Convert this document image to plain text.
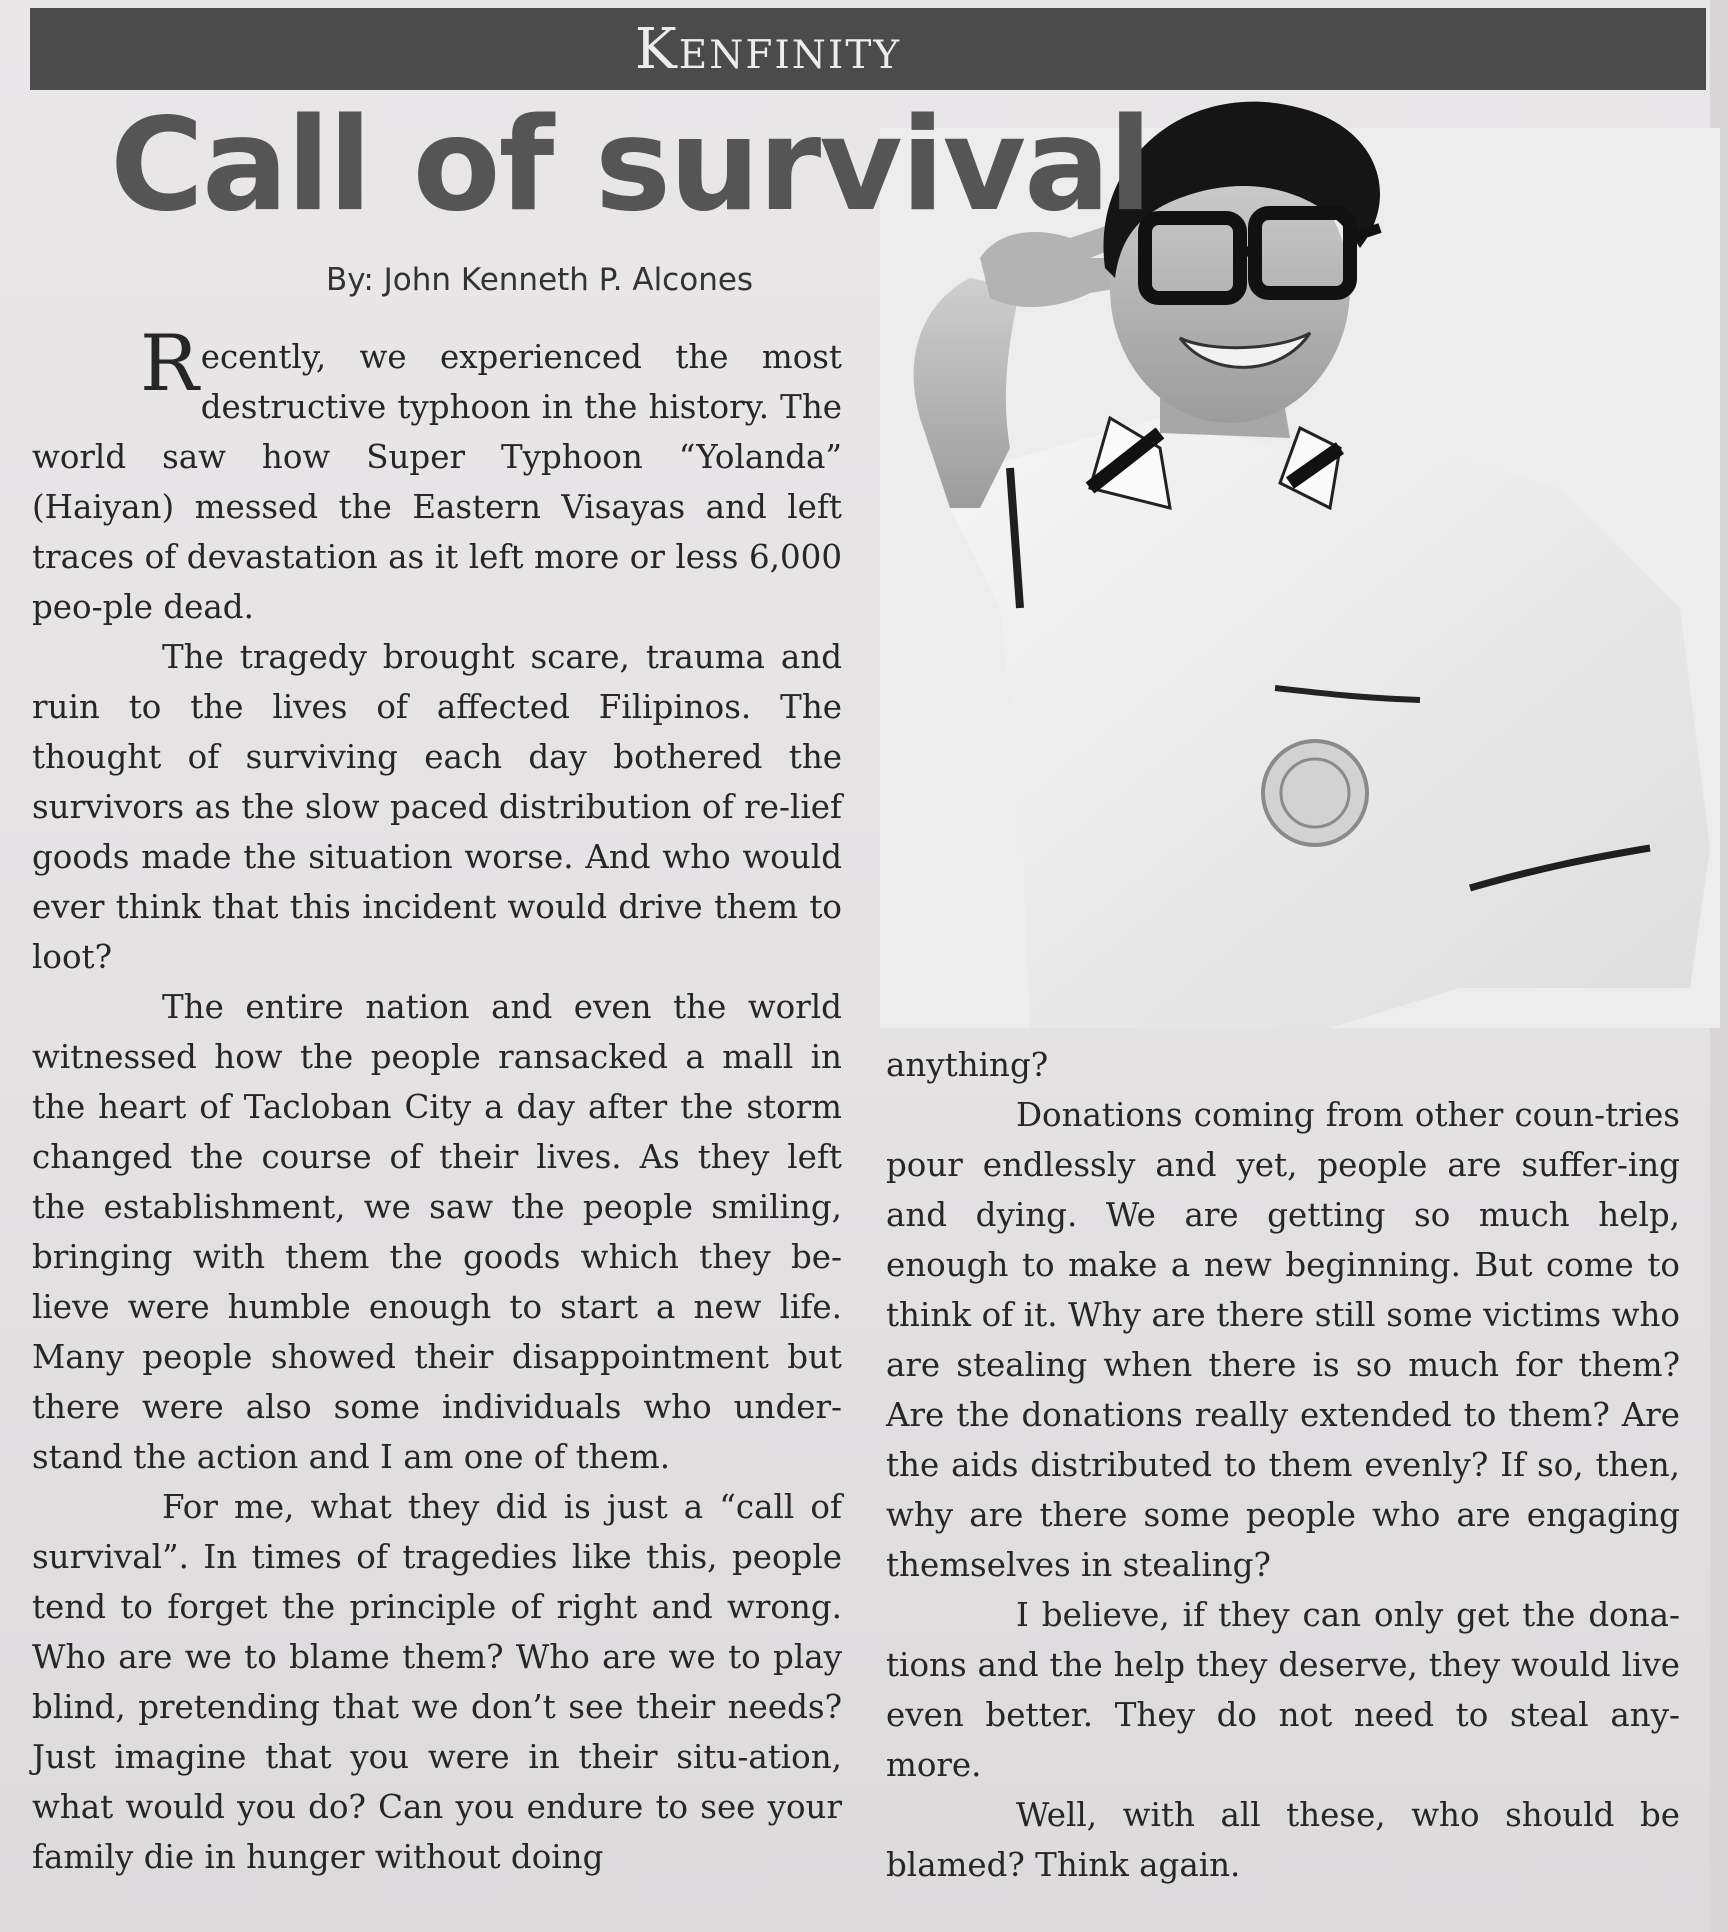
Kenfinity
Call of survival
By: John Kenneth P. Alcones

Recently, we experienced the most destructive typhoon in the history. The world saw how Super Typhoon “Yolanda” (Haiyan) messed the Eastern Visayas and left traces of devastation as it left more or less 6,000 peo-ple dead.

The tragedy brought scare, trauma and ruin to the lives of affected Filipinos. The thought of surviving each day bothered the survivors as the slow paced distribution of re-lief goods made the situation worse. And who would ever think that this incident would drive them to loot?

The entire nation and even the world witnessed how the people ransacked a mall in the heart of Tacloban City a day after the storm changed the course of their lives. As they left the establishment, we saw the people smiling, bringing with them the goods which they be-lieve were humble enough to start a new life. Many people showed their disappointment but there were also some individuals who under-stand the action and I am one of them.

For me, what they did is just a “call of survival”. In times of tragedies like this, people tend to forget the principle of right and wrong. Who are we to blame them? Who are we to play blind, pretending that we don’t see their needs? Just imagine that you were in their situ-ation, what would you do? Can you endure to see your family die in hunger without doing

anything?

Donations coming from other coun-tries pour endlessly and yet, people are suffer-ing and dying. We are getting so much help, enough to make a new beginning. But come to think of it. Why are there still some victims who are stealing when there is so much for them? Are the donations really extended to them? Are the aids distributed to them evenly? If so, then, why are there some people who are engaging themselves in stealing?

I believe, if they can only get the dona-tions and the help they deserve, they would live even better. They do not need to steal any-more.

Well, with all these, who should be blamed? Think again.
